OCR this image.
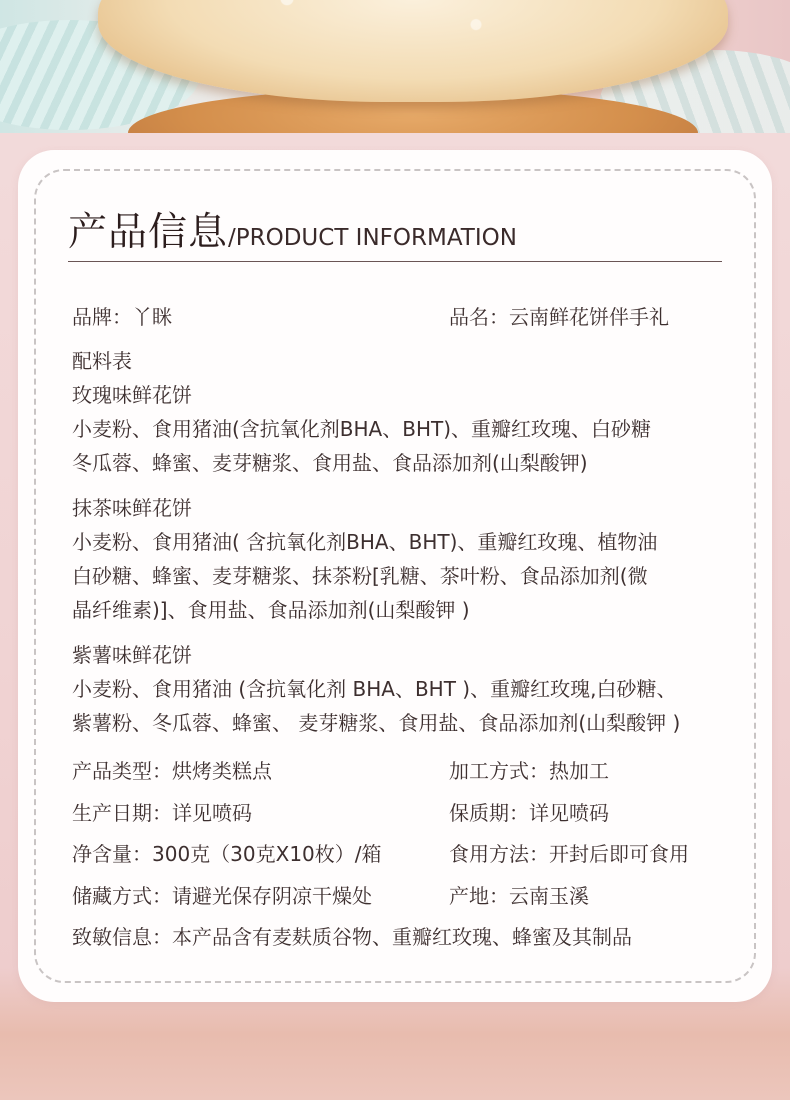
产品信息/PRODUCT INFORMATION
品牌：丫眯	品名：云南鲜花饼伴手礼
配料表
玫瑰味鲜花饼
小麦粉、食用猪油(含抗氧化剂BHA、BHT)、重瓣红玫瑰、白砂糖
冬瓜蓉、蜂蜜、麦芽糖浆、食用盐、食品添加剂(山梨酸钾)
抹茶味鲜花饼
小麦粉、食用猪油( 含抗氧化剂BHA、BHT)、重瓣红玫瑰、植物油
白砂糖、蜂蜜、麦芽糖浆、抹茶粉[乳糖、茶叶粉、食品添加剂(微
晶纤维素)]、食用盐、食品添加剂(山梨酸钾 )
紫薯味鲜花饼
小麦粉、食用猪油 (含抗氧化剂 BHA、BHT )、重瓣红玫瑰,白砂糖、
紫薯粉、冬瓜蓉、蜂蜜、 麦芽糖浆、食用盐、食品添加剂(山梨酸钾 )
产品类型：烘烤类糕点	加工方式：热加工
生产日期：详见喷码	保质期：详见喷码
净含量：300克（30克X10枚）/箱	食用方法：开封后即可食用
储藏方式：请避光保存阴凉干燥处	产地：云南玉溪
致敏信息：本产品含有麦麸质谷物、重瓣红玫瑰、蜂蜜及其制品
